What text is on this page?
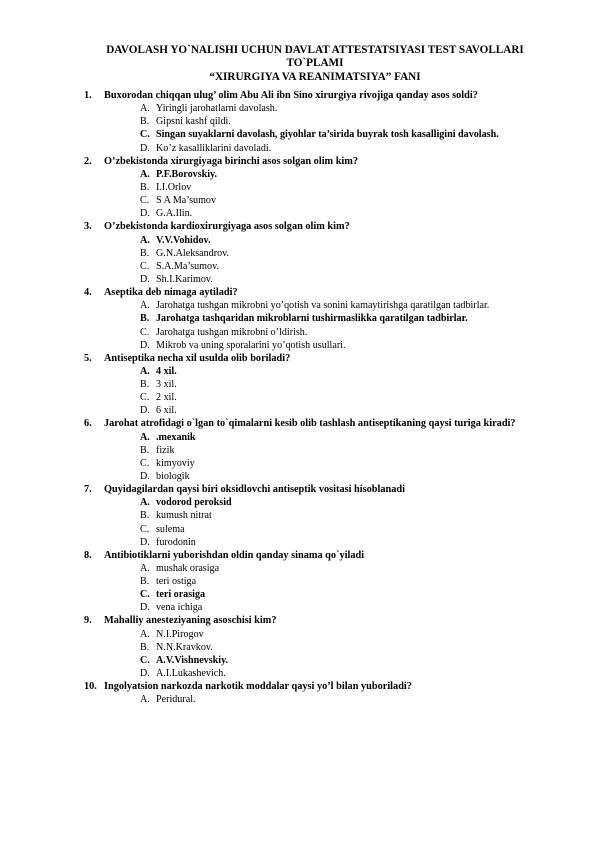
DAVOLASH YO`NALISHI UCHUN DAVLAT ATTESTATSIYASI TEST SAVOLLARI
TO`PLAMI
“XIRURGIYA VA REANIMATSIYA” FANI
1.	Buxorodan chiqqan ulug’ olim Abu Ali ibn Sino xirurgiya rivojiga qanday asos soldi?
A. Yiringli jarohatlarni davolash.
B. Gipsni kashf qildi.
C. Singan suyaklarni davolash, giyohlar ta’sirida buyrak tosh kasalligini davolash.
D. Ko’z kasalliklarini davoladi.
2.	O’zbekistonda xirurgiyaga birinchi asos solgan olim kim?
A. P.F.Borovskiy.
B. I.I.Orlov
C. S A Ma’sumov
D. G.A.Ilin.
3.	O’zbekistonda kardioxirurgiyaga asos solgan olim kim?
A. V.V.Vohidov.
B. G.N.Aleksandrov.
C. S.A.Ma’sumov.
D. Sh.I.Karimov.
4.	Aseptika deb nimaga aytiladi?
A. Jarohatga tushgan mikrobni yo’qotish va sonini kamaytirishga qaratilgan tadbirlar.
B. Jarohatga tashqaridan mikroblarni tushirmaslikka qaratilgan tadbirlar.
C. Jarohatga tushgan mikrobni o’ldirish.
D. Mikrob va uning sporalarini yo’qotish usullari.
5.	Antiseptika necha xil usulda olib boriladi?
A. 4 xil.
B. 3 xil.
C. 2 xil.
D. 6 xil.
6.	Jarohat atrofidagi o`lgan to`qimalarni kesib olib tashlash antiseptikaning qaysi turiga kiradi?
A. .mexanik
B. fizik
C. kimyoviy
D. biologik
7.	Quyidagilardan qaysi biri oksidlovchi antiseptik vositasi hisoblanadi
A. vodorod peroksid
B. kumush nitrat
C. sulema
D. furodonin
8.	Antibiotiklarni yuborishdan oldin qanday sinama qo`yiladi
A. mushak orasiga
B. teri ostiga
C. teri orasiga
D. vena ichiga
9.	Mahalliy anesteziyaning asoschisi kim?
A. N.I.Pirogov
B. N.N.Kravkov.
C. A.V.Vishnevskiy.
D. A.I.Lukashevich.
10. Ingolyatsion narkozda narkotik moddalar qaysi yo’l bilan yuboriladi?
A. Peridural.
